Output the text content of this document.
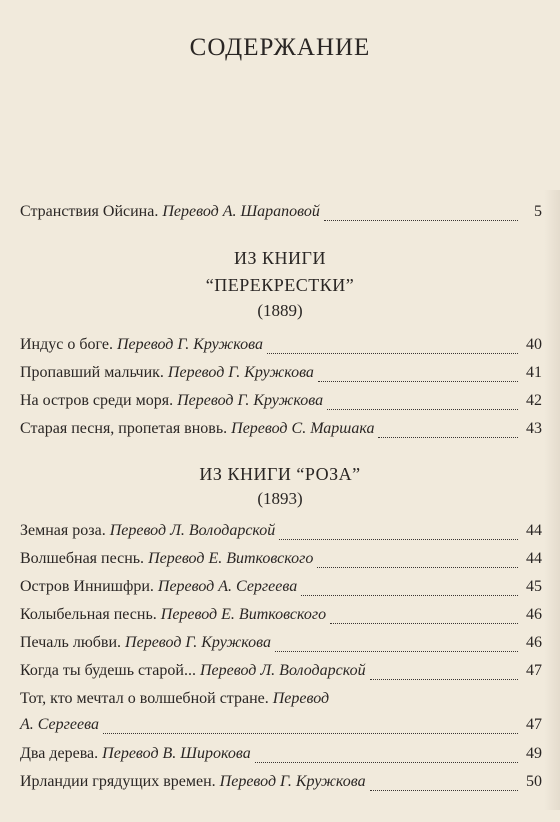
СОДЕРЖАНИЕ
Странствия Ойсина. Перевод А. Шараповой	5
ИЗ КНИГИ
“ПЕРЕКРЕСТКИ”
(1889)
Индус о боге. Перевод Г. Кружкова	40
Пропавший мальчик. Перевод Г. Кружкова	41
На остров среди моря. Перевод Г. Кружкова	42
Старая песня, пропетая вновь. Перевод С. Маршака	43
ИЗ КНИГИ “РОЗА”
(1893)
Земная роза. Перевод Л. Володарской	44
Волшебная песнь. Перевод Е. Витковского	44
Остров Иннишфри. Перевод А. Сергеева	45
Колыбельная песнь. Перевод Е. Витковского	46
Печаль любви. Перевод Г. Кружкова	46
Когда ты будешь старой... Перевод Л. Володарской	47
Тот, кто мечтал о волшебной стране. Перевод
А. Сергеева	47
Два дерева. Перевод В. Широкова	49
Ирландии грядущих времен. Перевод Г. Кружкова	50
